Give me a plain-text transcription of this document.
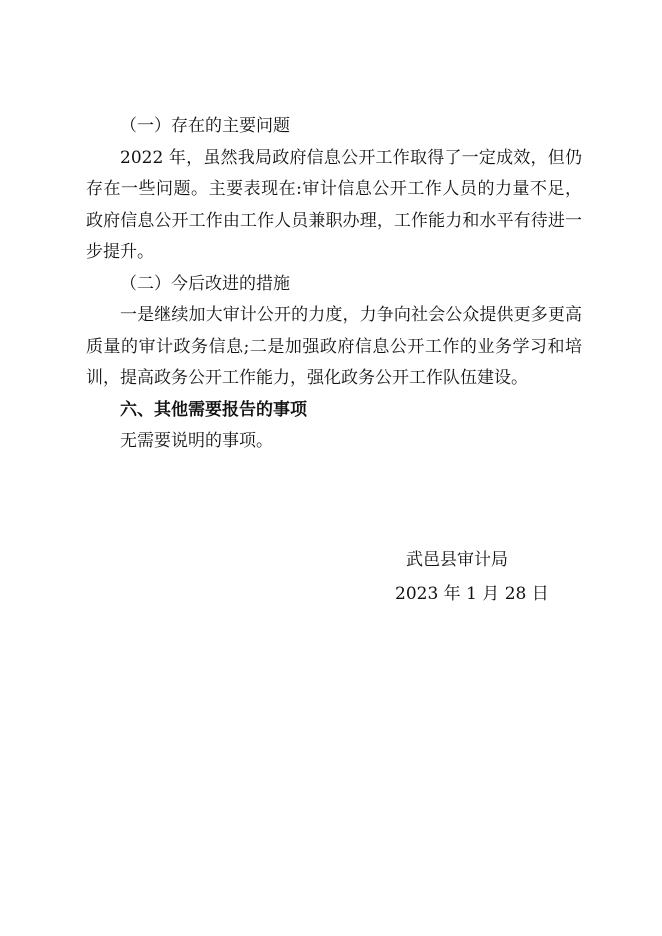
（一）存在的主要问题

2022 年，虽然我局政府信息公开工作取得了一定成效，但仍存在一些问题。主要表现在:审计信息公开工作人员的力量不足，政府信息公开工作由工作人员兼职办理，工作能力和水平有待进一步提升。

（二）今后改进的措施

一是继续加大审计公开的力度，力争向社会公众提供更多更高质量的审计政务信息;二是加强政府信息公开工作的业务学习和培训，提高政务公开工作能力，强化政务公开工作队伍建设。

六、其他需要报告的事项

无需要说明的事项。

武邑县审计局
2023 年 1 月 28 日
